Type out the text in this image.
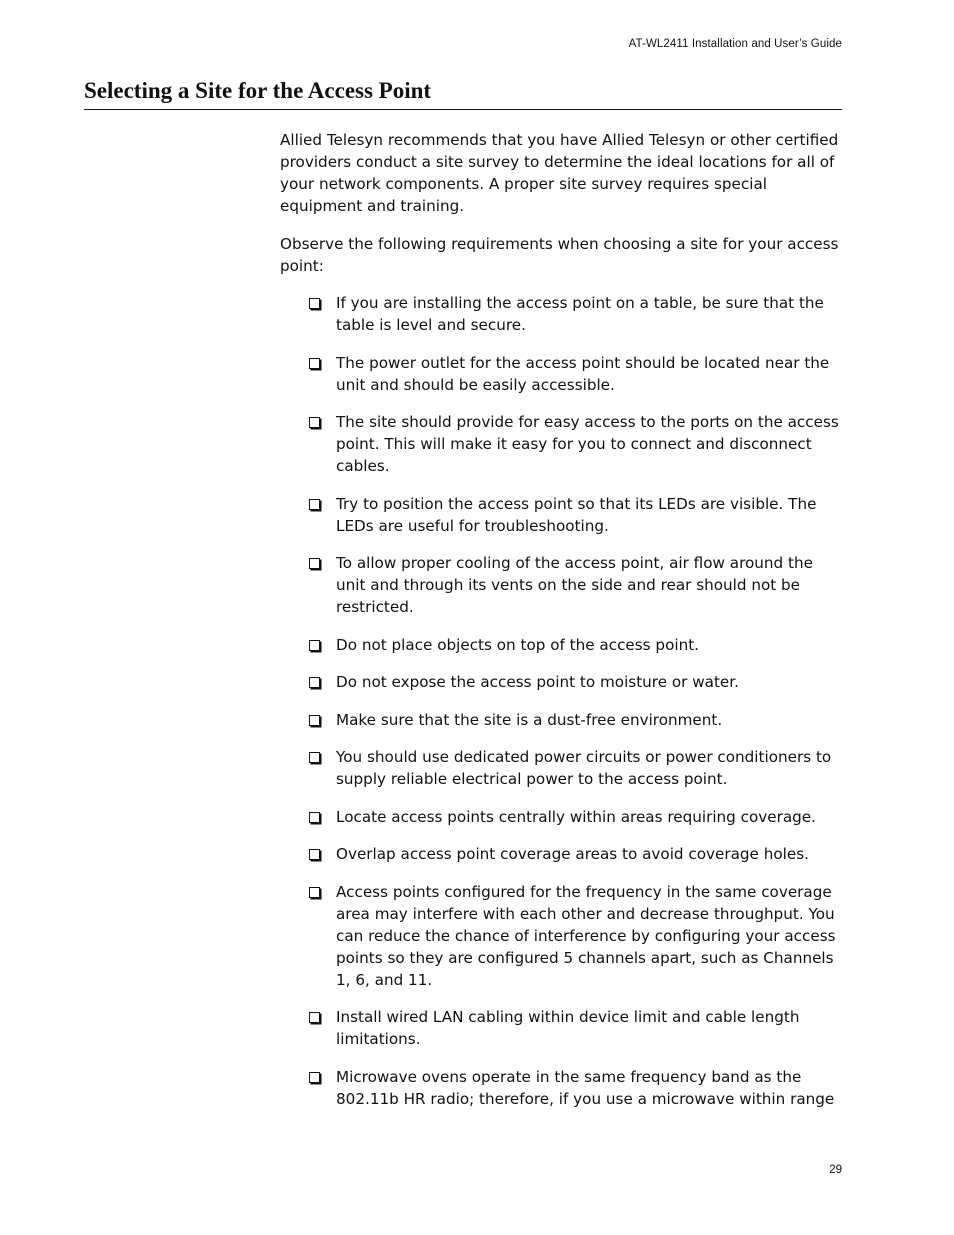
AT-WL2411 Installation and User’s Guide
Selecting a Site for the Access Point

Allied Telesyn recommends that you have Allied Telesyn or other certified providers conduct a site survey to determine the ideal locations for all of your network components. A proper site survey requires special equipment and training.

Observe the following requirements when choosing a site for your access point:

If you are installing the access point on a table, be sure that the table is level and secure.
The power outlet for the access point should be located near the unit and should be easily accessible.
The site should provide for easy access to the ports on the access point. This will make it easy for you to connect and disconnect cables.
Try to position the access point so that its LEDs are visible. The LEDs are useful for troubleshooting.
To allow proper cooling of the access point, air flow around the unit and through its vents on the side and rear should not be restricted.
Do not place objects on top of the access point.
Do not expose the access point to moisture or water.
Make sure that the site is a dust-free environment.
You should use dedicated power circuits or power conditioners to supply reliable electrical power to the access point.
Locate access points centrally within areas requiring coverage.
Overlap access point coverage areas to avoid coverage holes.
Access points configured for the frequency in the same coverage area may interfere with each other and decrease throughput. You can reduce the chance of interference by configuring your access points so they are configured 5 channels apart, such as Channels 1, 6, and 11.
Install wired LAN cabling within device limit and cable length limitations.
Microwave ovens operate in the same frequency band as the 802.11b HR radio; therefore, if you use a microwave within range
29
